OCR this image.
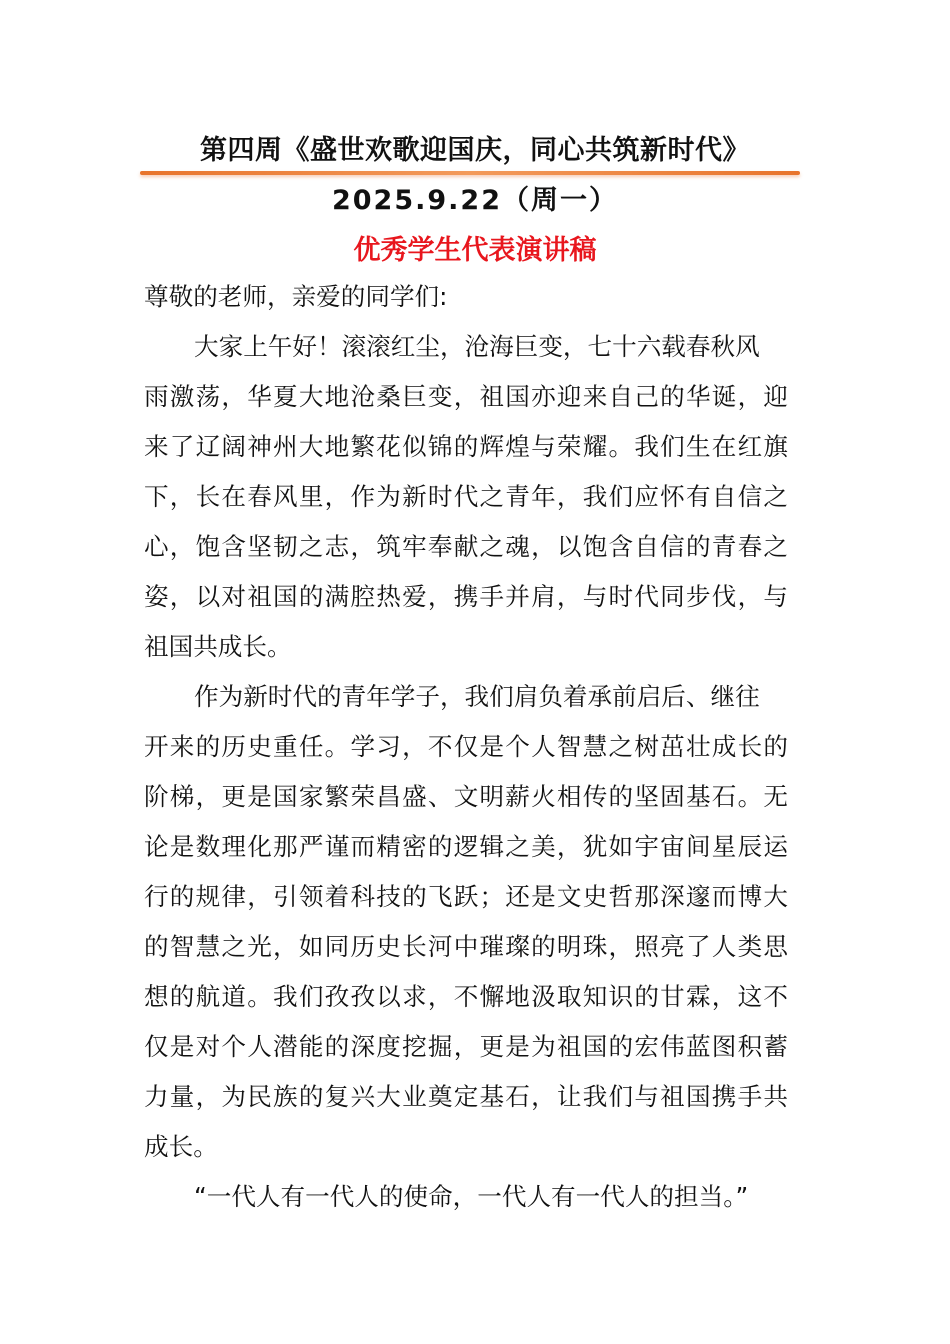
第四周《盛世欢歌迎国庆，同心共筑新时代》
2025.9.22（周一）
优秀学生代表演讲稿
尊敬的老师，亲爱的同学们:
大家上午好！滚滚红尘，沧海巨变，七十六载春秋风
雨激荡，华夏大地沧桑巨变，祖国亦迎来自己的华诞，迎
来了辽阔神州大地繁花似锦的辉煌与荣耀。我们生在红旗
下，长在春风里，作为新时代之青年，我们应怀有自信之
心，饱含坚韧之志，筑牢奉献之魂，以饱含自信的青春之
姿，以对祖国的满腔热爱，携手并肩，与时代同步伐，与
祖国共成长。
作为新时代的青年学子，我们肩负着承前启后、继往
开来的历史重任。学习，不仅是个人智慧之树茁壮成长的
阶梯，更是国家繁荣昌盛、文明薪火相传的坚固基石。无
论是数理化那严谨而精密的逻辑之美，犹如宇宙间星辰运
行的规律，引领着科技的飞跃；还是文史哲那深邃而博大
的智慧之光，如同历史长河中璀璨的明珠，照亮了人类思
想的航道。我们孜孜以求，不懈地汲取知识的甘霖，这不
仅是对个人潜能的深度挖掘，更是为祖国的宏伟蓝图积蓄
力量，为民族的复兴大业奠定基石，让我们与祖国携手共
成长。
“一代人有一代人的使命，一代人有一代人的担当。”
